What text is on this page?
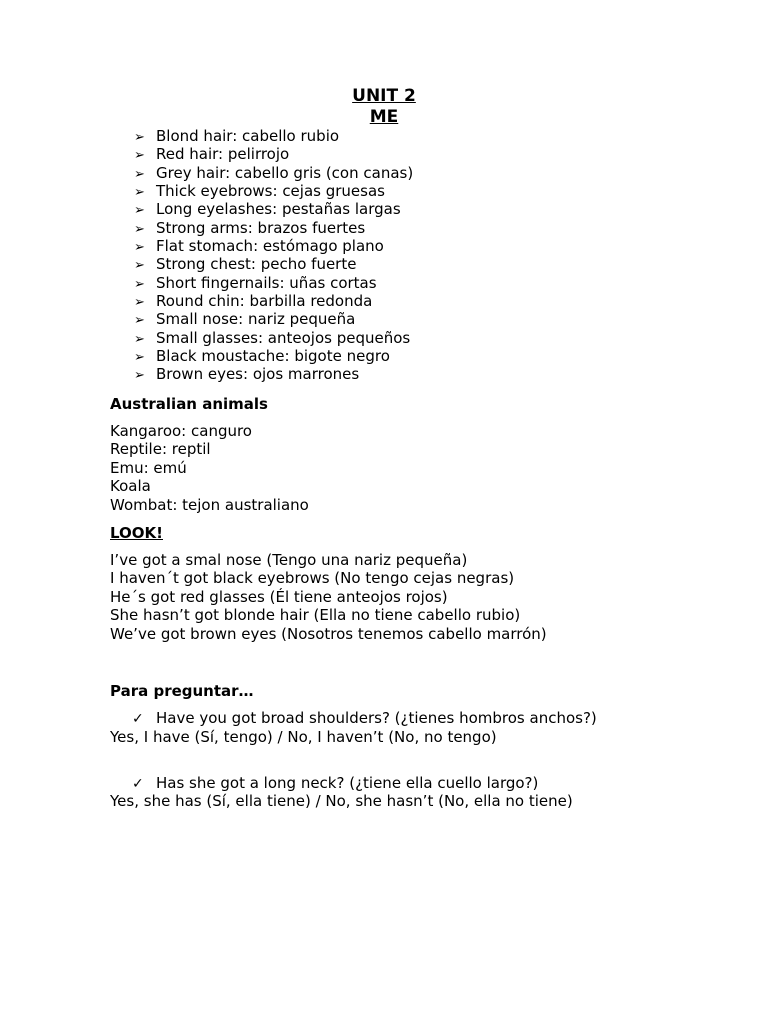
UNIT 2
ME
➢ Blond hair: cabello rubio
➢ Red hair: pelirrojo
➢ Grey hair: cabello gris (con canas)
➢ Thick eyebrows: cejas gruesas
➢ Long eyelashes: pestañas largas
➢ Strong arms: brazos fuertes
➢ Flat stomach: estómago plano
➢ Strong chest: pecho fuerte
➢ Short fingernails: uñas cortas
➢ Round chin: barbilla redonda
➢ Small nose: nariz pequeña
➢ Small glasses: anteojos pequeños
➢ Black moustache: bigote negro
➢ Brown eyes: ojos marrones
Australian animals
Kangaroo: canguro
Reptile: reptil
Emu: emú
Koala
Wombat: tejon australiano
LOOK!
I’ve got a smal nose (Tengo una nariz pequeña)
I haven´t got black eyebrows (No tengo cejas negras)
He´s got red glasses (Él tiene anteojos rojos)
She hasn’t got blonde hair (Ella no tiene cabello rubio)
We’ve got brown eyes (Nosotros tenemos cabello marrón)
Para preguntar…
✓ Have you got broad shoulders? (¿tienes hombros anchos?)
Yes, I have (Sí, tengo) / No, I haven’t (No, no tengo)
✓ Has she got a long neck? (¿tiene ella cuello largo?)
Yes, she has (Sí, ella tiene) / No, she hasn’t (No, ella no tiene)
